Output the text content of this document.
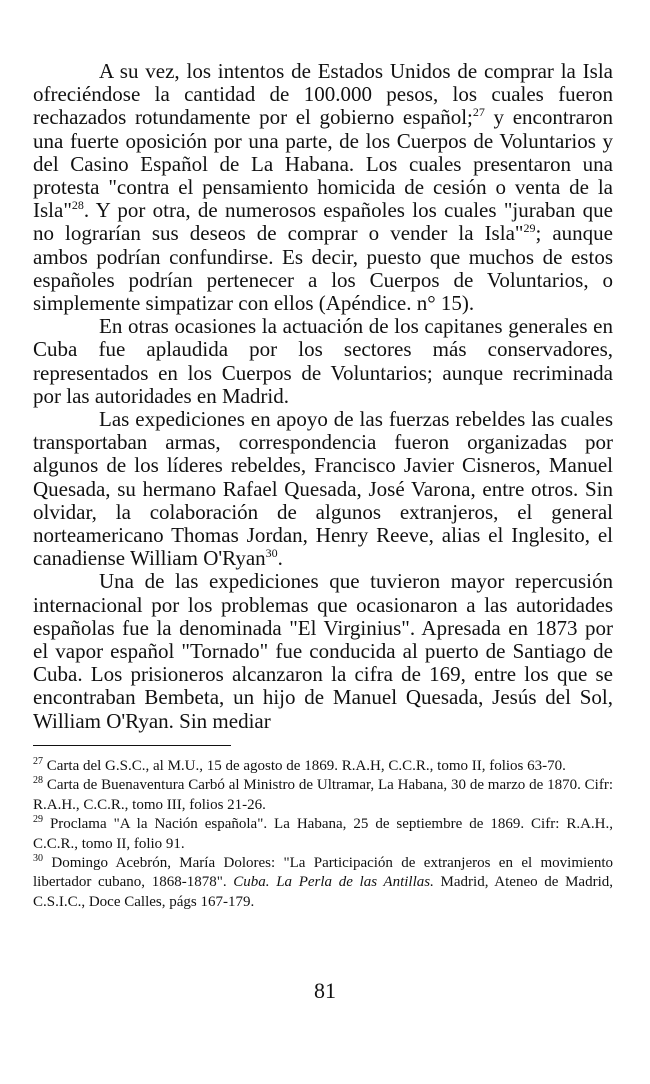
A su vez, los intentos de Estados Unidos de comprar la Isla ofreciéndose la cantidad de 100.000 pesos, los cuales fueron rechazados rotundamente por el gobierno español;$^{27}$ y encontraron una fuerte oposición por una parte, de los Cuerpos de Voluntarios y del Casino Español de La Habana. Los cuales presentaron una protesta "contra el pensamiento homicida de cesión o venta de la Isla"$^{28}$. Y por otra, de numerosos españoles los cuales "juraban que no lograrían sus deseos de comprar o vender la Isla"$^{29}$; aunque ambos podrían confundirse. Es decir, puesto que muchos de estos españoles podrían pertenecer a los Cuerpos de Voluntarios, o simplemente simpatizar con ellos (Apéndice. n° 15).

En otras ocasiones la actuación de los capitanes generales en Cuba fue aplaudida por los sectores más conservadores, representados en los Cuerpos de Voluntarios; aunque recriminada por las autoridades en Madrid.

Las expediciones en apoyo de las fuerzas rebeldes las cuales transportaban armas, correspondencia fueron organizadas por algunos de los líderes rebeldes, Francisco Javier Cisneros, Manuel Quesada, su hermano Rafael Quesada, José Varona, entre otros. Sin olvidar, la colaboración de algunos extranjeros, el general norteamericano Thomas Jordan, Henry Reeve, alias el Inglesito, el canadiense William O'Ryan$^{30}$.

Una de las expediciones que tuvieron mayor repercusión internacional por los problemas que ocasionaron a las autoridades españolas fue la denominada "El Virginius". Apresada en 1873 por el vapor español "Tornado" fue conducida al puerto de Santiago de Cuba. Los prisioneros alcanzaron la cifra de 169, entre los que se encontraban Bembeta, un hijo de Manuel Quesada, Jesús del Sol, William O'Ryan. Sin mediar

$^{27}$ Carta del G.S.C., al M.U., 15 de agosto de 1869. R.A.H, C.C.R., tomo II, folios 63-70.

$^{28}$ Carta de Buenaventura Carbó al Ministro de Ultramar, La Habana, 30 de marzo de 1870. Cifr: R.A.H., C.C.R., tomo III, folios 21-26.

$^{29}$ Proclama "A la Nación española". La Habana, 25 de septiembre de 1869. Cifr: R.A.H., C.C.R., tomo II, folio 91.

$^{30}$ Domingo Acebrón, María Dolores: "La Participación de extranjeros en el movimiento libertador cubano, 1868-1878". Cuba. La Perla de las Antillas. Madrid, Ateneo de Madrid, C.S.I.C., Doce Calles, págs 167-179.

81
